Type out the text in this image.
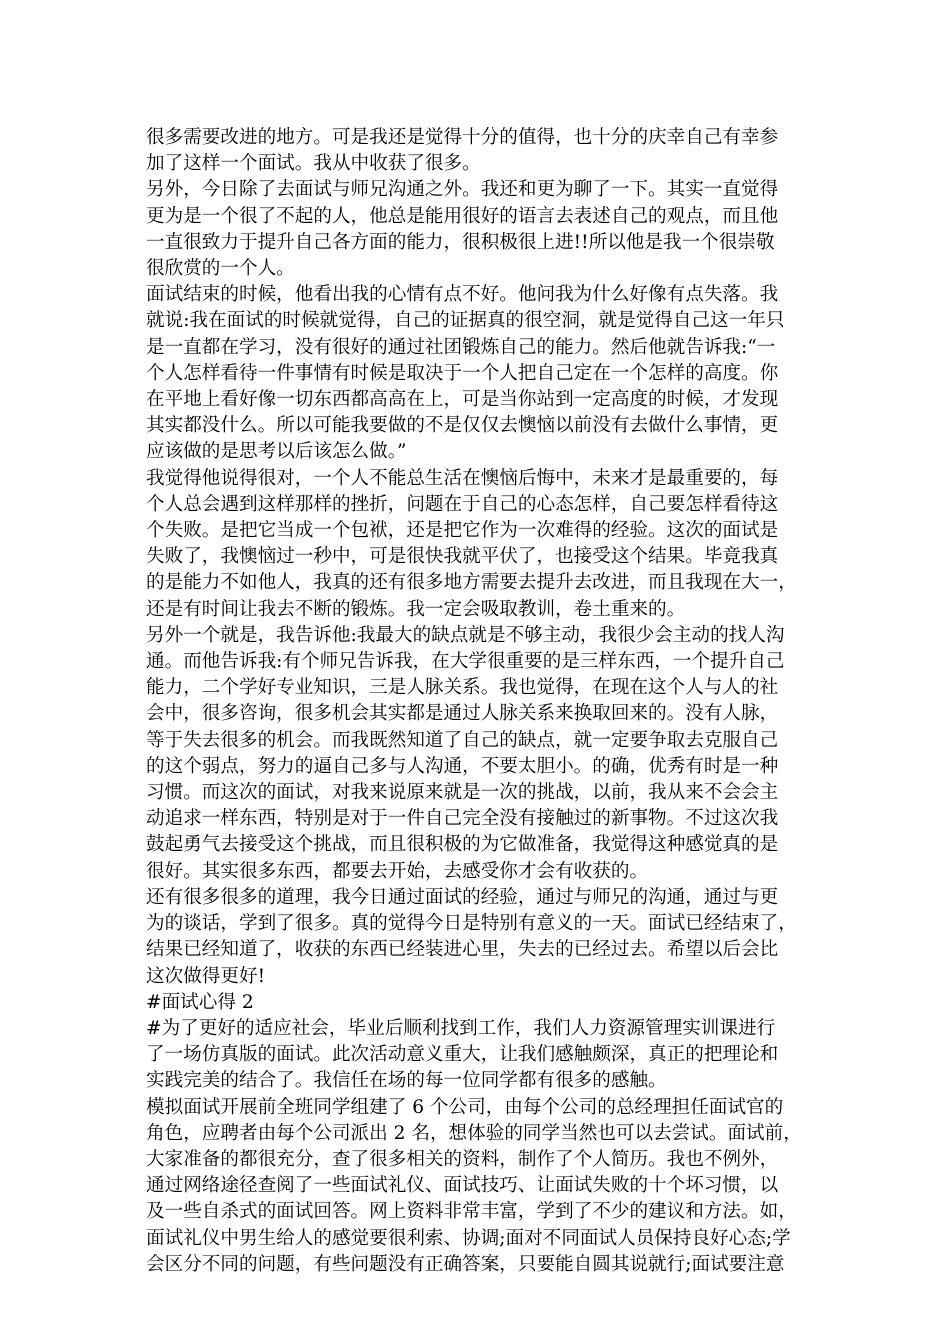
很多需要改进的地方。可是我还是觉得十分的值得，也十分的庆幸自己有幸参

加了这样一个面试。我从中收获了很多。

另外，今日除了去面试与师兄沟通之外。我还和更为聊了一下。其实一直觉得

更为是一个很了不起的人，他总是能用很好的语言去表述自己的观点，而且他

一直很致力于提升自己各方面的能力，很积极很上进!!所以他是我一个很崇敬

很欣赏的一个人。

面试结束的时候，他看出我的心情有点不好。他问我为什么好像有点失落。我

就说:我在面试的时候就觉得，自己的证据真的很空洞，就是觉得自己这一年只

是一直都在学习，没有很好的通过社团锻炼自己的能力。然后他就告诉我:“一

个人怎样看待一件事情有时候是取决于一个人把自己定在一个怎样的高度。你

在平地上看好像一切东西都高高在上，可是当你站到一定高度的时候，才发现

其实都没什么。所以可能我要做的不是仅仅去懊恼以前没有去做什么事情，更

应该做的是思考以后该怎么做。”

我觉得他说得很对，一个人不能总生活在懊恼后悔中，未来才是最重要的，每

个人总会遇到这样那样的挫折，问题在于自己的心态怎样，自己要怎样看待这

个失败。是把它当成一个包袱，还是把它作为一次难得的经验。这次的面试是

失败了，我懊恼过一秒中，可是很快我就平伏了，也接受这个结果。毕竟我真

的是能力不如他人，我真的还有很多地方需要去提升去改进，而且我现在大一，

还是有时间让我去不断的锻炼。我一定会吸取教训，卷土重来的。

另外一个就是，我告诉他:我最大的缺点就是不够主动，我很少会主动的找人沟

通。而他告诉我:有个师兄告诉我，在大学很重要的是三样东西，一个提升自己

能力，二个学好专业知识，三是人脉关系。我也觉得，在现在这个人与人的社

会中，很多咨询，很多机会其实都是通过人脉关系来换取回来的。没有人脉，

等于失去很多的机会。而我既然知道了自己的缺点，就一定要争取去克服自己

的这个弱点，努力的逼自己多与人沟通，不要太胆小。的确，优秀有时是一种

习惯。而这次的面试，对我来说原来就是一次的挑战，以前，我从来不会会主

动追求一样东西，特别是对于一件自己完全没有接触过的新事物。不过这次我

鼓起勇气去接受这个挑战，而且很积极的为它做准备，我觉得这种感觉真的是

很好。其实很多东西，都要去开始，去感受你才会有收获的。

还有很多很多的道理，我今日通过面试的经验，通过与师兄的沟通，通过与更

为的谈话，学到了很多。真的觉得今日是特别有意义的一天。面试已经结束了，

结果已经知道了，收获的东西已经装进心里，失去的已经过去。希望以后会比

这次做得更好!

#面试心得 2

#为了更好的适应社会，毕业后顺利找到工作，我们人力资源管理实训课进行

了一场仿真版的面试。此次活动意义重大，让我们感触颇深，真正的把理论和

实践完美的结合了。我信任在场的每一位同学都有很多的感触。

模拟面试开展前全班同学组建了 6 个公司，由每个公司的总经理担任面试官的

角色，应聘者由每个公司派出 2 名，想体验的同学当然也可以去尝试。面试前，

大家准备的都很充分，查了很多相关的资料，制作了个人简历。我也不例外，

通过网络途径查阅了一些面试礼仪、面试技巧、让面试失败的十个坏习惯，以

及一些自杀式的面试回答。网上资料非常丰富，学到了不少的建议和方法。如，

面试礼仪中男生给人的感觉要很利索、协调;面对不同面试人员保持良好心态;学

会区分不同的问题，有些问题没有正确答案，只要能自圆其说就行;面试要注意
